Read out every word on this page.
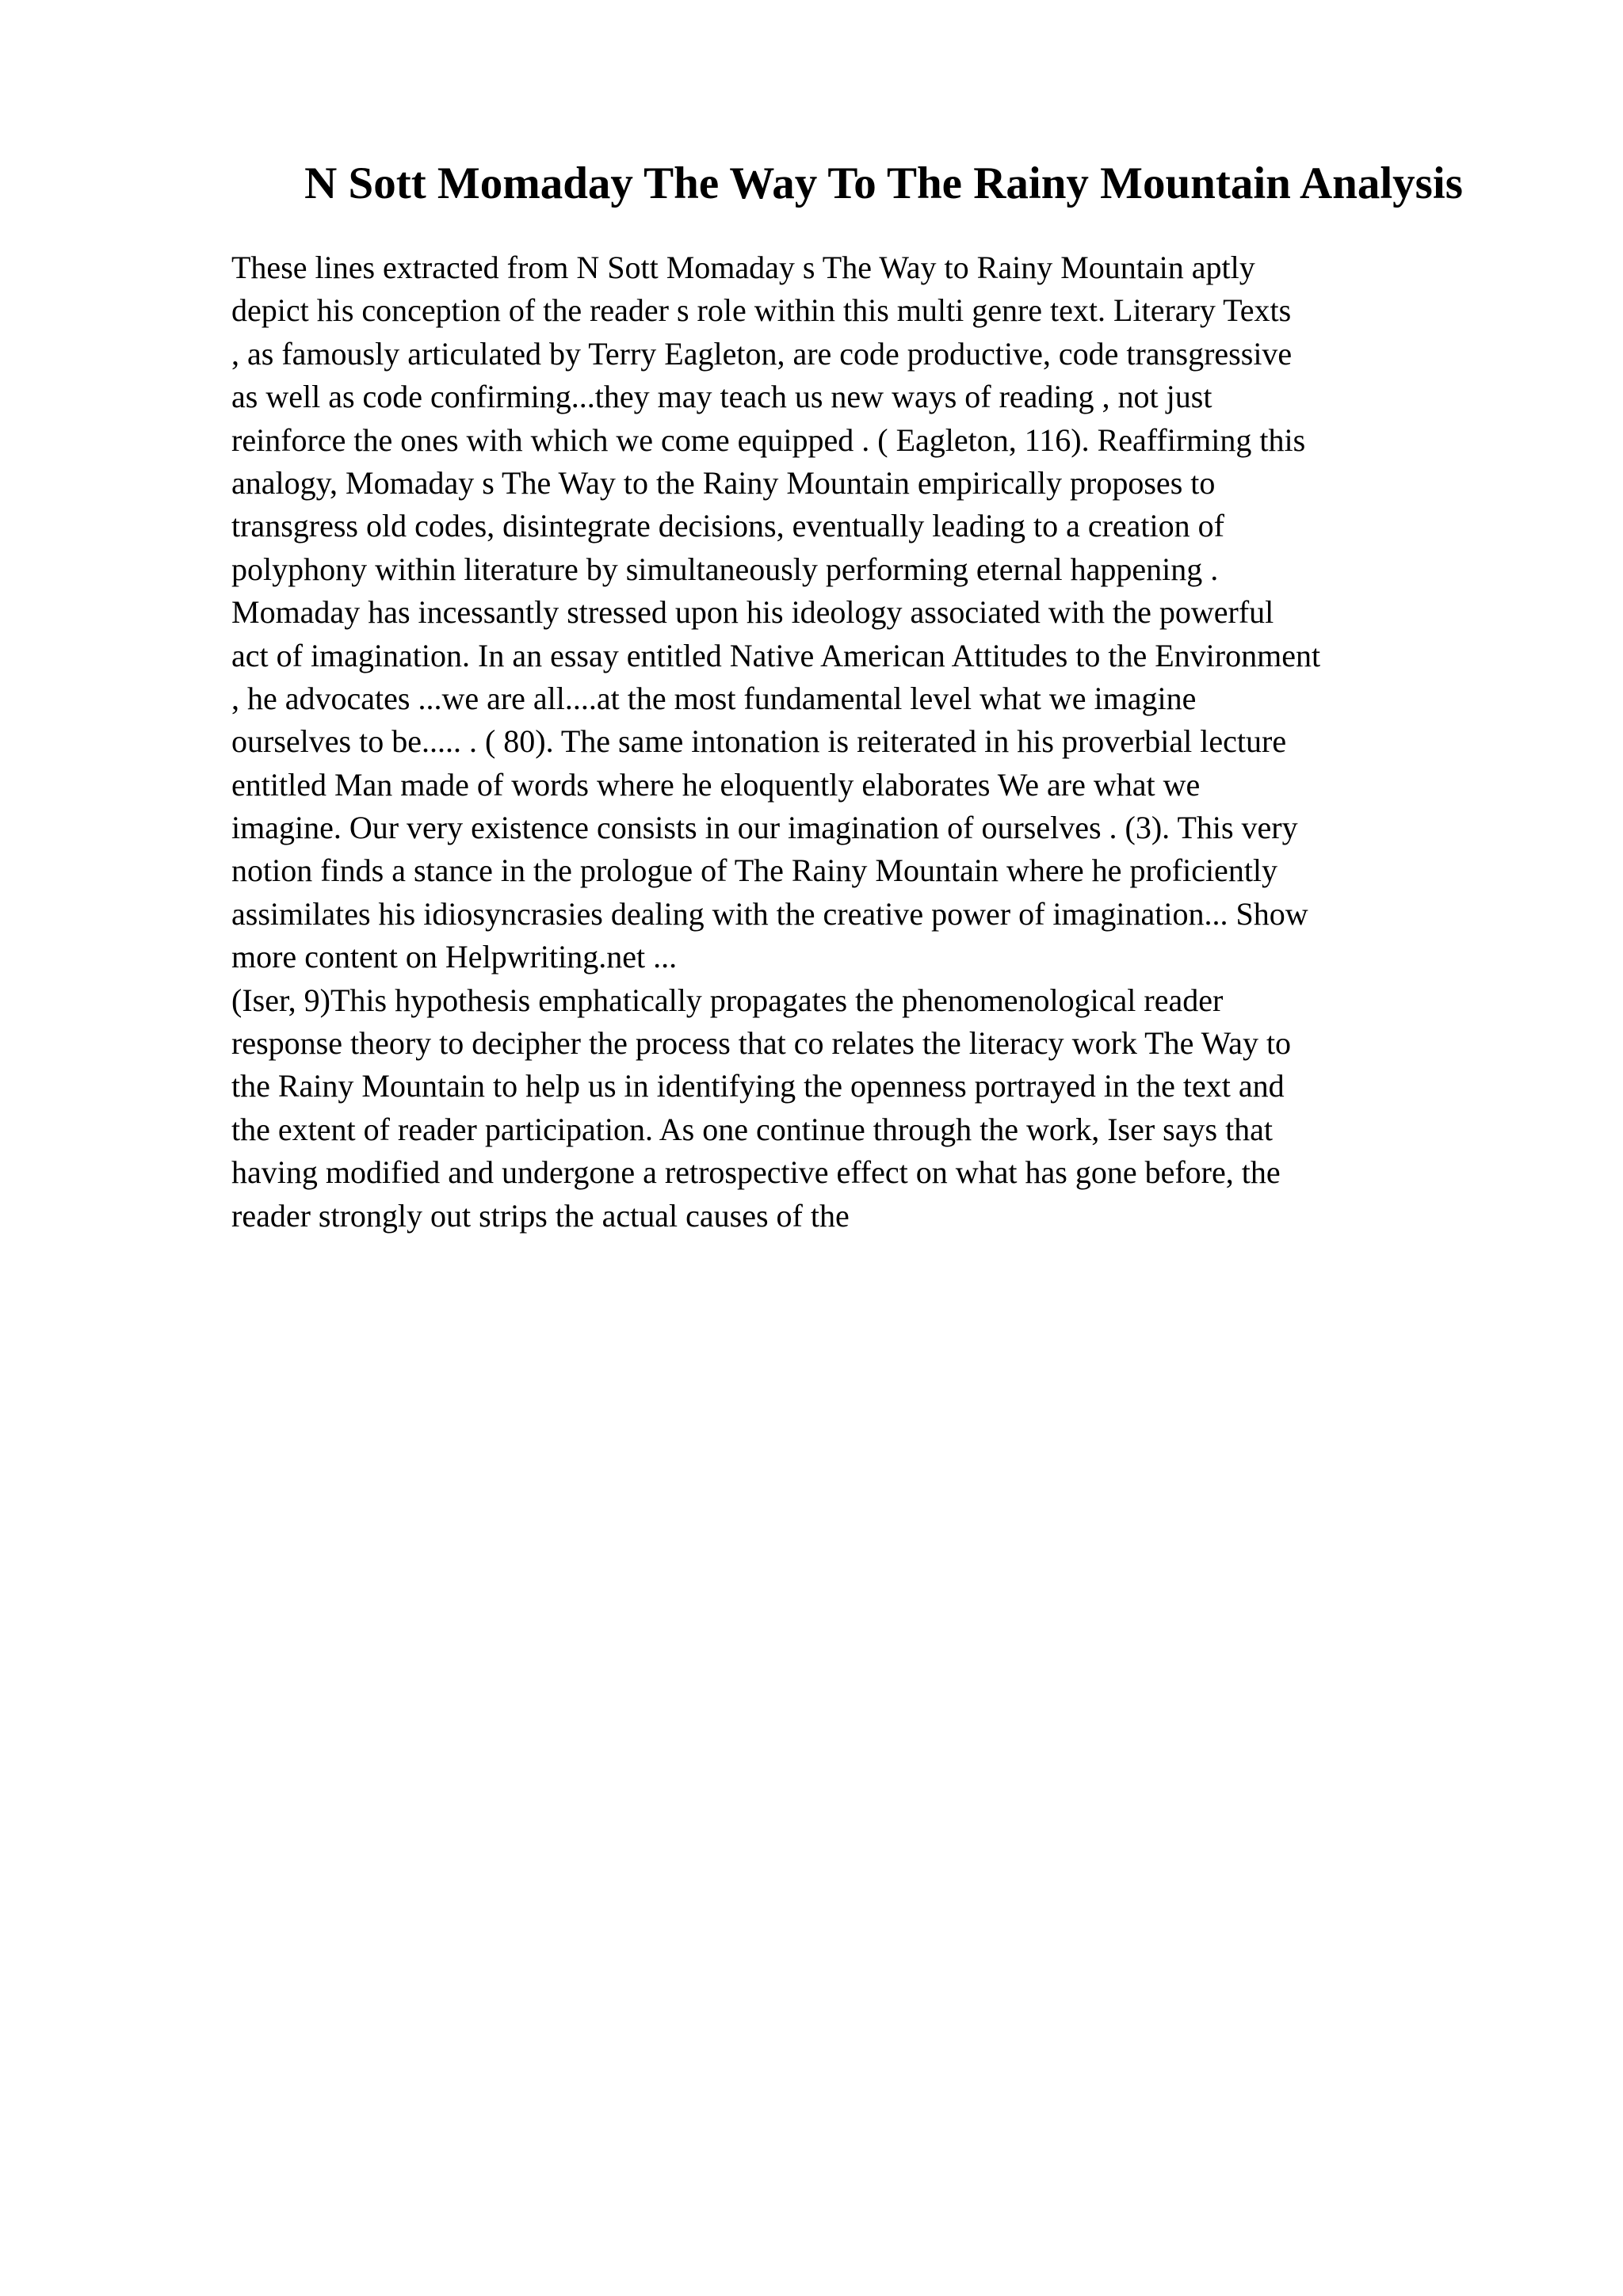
N Sott Momaday The Way To The Rainy Mountain Analysis
These lines extracted from N Sott Momaday s The Way to Rainy Mountain aptly
depict his conception of the reader s role within this multi genre text. Literary Texts
, as famously articulated by Terry Eagleton, are code productive, code transgressive
as well as code confirming...they may teach us new ways of reading , not just
reinforce the ones with which we come equipped . ( Eagleton, 116). Reaffirming this
analogy, Momaday s The Way to the Rainy Mountain empirically proposes to
transgress old codes, disintegrate decisions, eventually leading to a creation of
polyphony within literature by simultaneously performing eternal happening .
Momaday has incessantly stressed upon his ideology associated with the powerful
act of imagination. In an essay entitled Native American Attitudes to the Environment
, he advocates ...we are all....at the most fundamental level what we imagine
ourselves to be..... . ( 80). The same intonation is reiterated in his proverbial lecture
entitled Man made of words where he eloquently elaborates We are what we
imagine. Our very existence consists in our imagination of ourselves . (3). This very
notion finds a stance in the prologue of The Rainy Mountain where he proficiently
assimilates his idiosyncrasies dealing with the creative power of imagination... Show
more content on Helpwriting.net ...
(Iser, 9)This hypothesis emphatically propagates the phenomenological reader
response theory to decipher the process that co relates the literacy work The Way to
the Rainy Mountain to help us in identifying the openness portrayed in the text and
the extent of reader participation. As one continue through the work, Iser says that
having modified and undergone a retrospective effect on what has gone before, the
reader strongly out strips the actual causes of the
